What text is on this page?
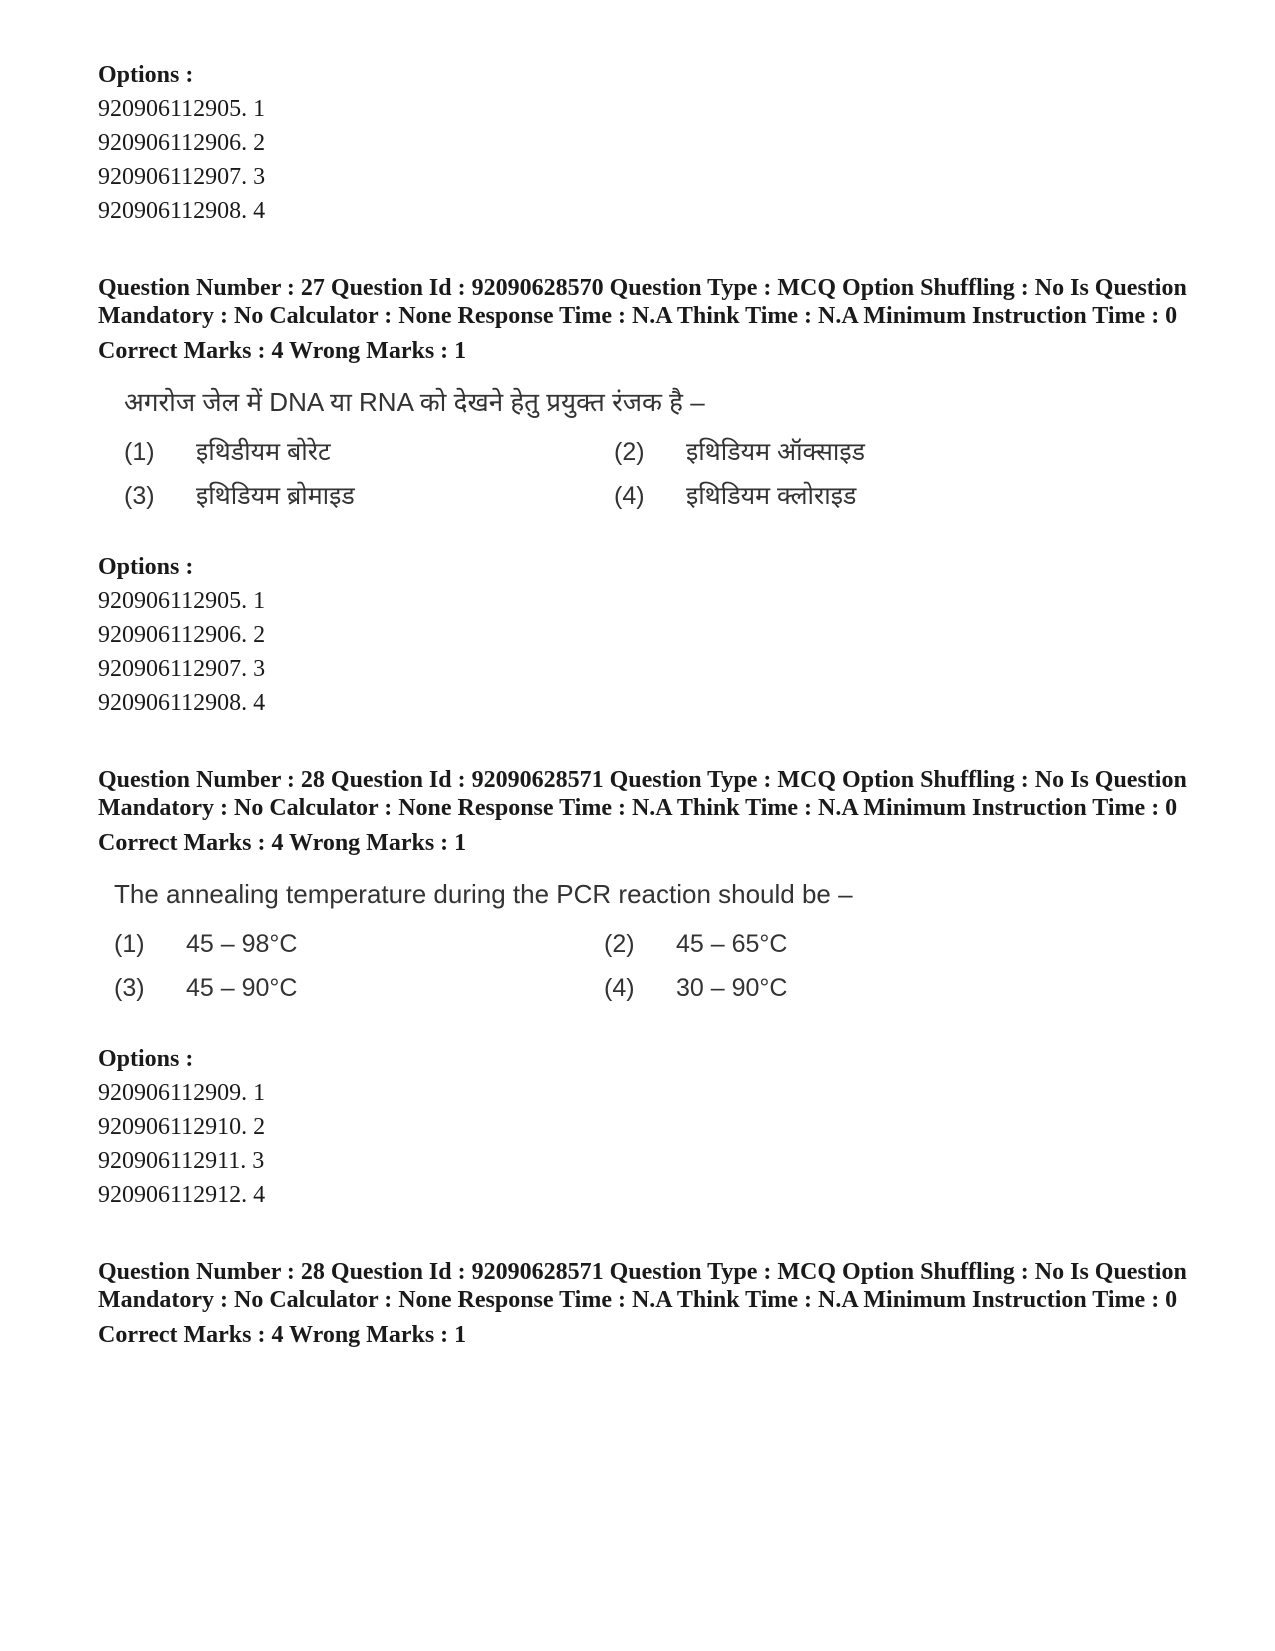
Options :
920906112905. 1
920906112906. 2
920906112907. 3
920906112908. 4
Question Number : 27 Question Id : 92090628570 Question Type : MCQ Option Shuffling : No Is Question Mandatory : No Calculator : None Response Time : N.A Think Time : N.A Minimum Instruction Time : 0
Correct Marks : 4 Wrong Marks : 1
अगरोज जेल में DNA या RNA को देखने हेतु प्रयुक्त रंजक है –
(1)	इथिडीयम बोरेट	(2)	इथिडियम ऑक्साइड
(3)	इथिडियम ब्रोमाइड	(4)	इथिडियम क्लोराइड
Options :
920906112905. 1
920906112906. 2
920906112907. 3
920906112908. 4
Question Number : 28 Question Id : 92090628571 Question Type : MCQ Option Shuffling : No Is Question Mandatory : No Calculator : None Response Time : N.A Think Time : N.A Minimum Instruction Time : 0
Correct Marks : 4 Wrong Marks : 1
The annealing temperature during the PCR reaction should be –
(1)	45 – 98°C	(2)	45 – 65°C
(3)	45 – 90°C	(4)	30 – 90°C
Options :
920906112909. 1
920906112910. 2
920906112911. 3
920906112912. 4
Question Number : 28 Question Id : 92090628571 Question Type : MCQ Option Shuffling : No Is Question Mandatory : No Calculator : None Response Time : N.A Think Time : N.A Minimum Instruction Time : 0
Correct Marks : 4 Wrong Marks : 1
